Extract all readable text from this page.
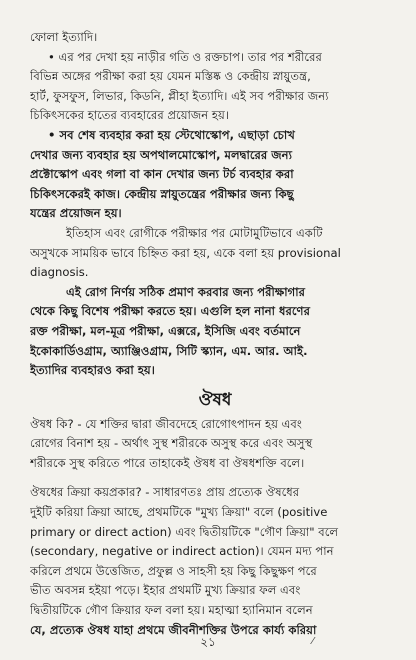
ফোলা ইত্যাদি।
• এর পর দেখা হয় নাড়ীর গতি ও রক্তচাপ। তার পর শরীরের
বিভিন্ন অঙ্গের পরীক্ষা করা হয় যেমন মস্তিষ্ক ও কেন্দ্রীয় স্নায়ুতন্ত্র,
হার্ট, ফুসফুস, লিভার, কিডনি, প্লীহা ইত্যাদি। এই সব পরীক্ষার জন্য
চিকিৎসকের হাতের ব্যবহারের প্রয়োজন হয়।
• সব শেষ ব্যবহার করা হয় স্টেথোস্কোপ, এছাড়া চোখ
দেখার জন্য ব্যবহার হয় অপথালমোস্কোপ, মলদ্বারের জন্য
প্রক্টোস্কোপ এবং গলা বা কান দেখার জন্য টর্চ ব্যবহার করা
চিকিৎসকেরই কাজ। কেন্দ্রীয় স্নায়ুতন্ত্রের পরীক্ষার জন্য কিছু
যন্ত্রের প্রয়োজন হয়।
ইতিহাস এবং রোগীকে পরীক্ষার পর মোটামুটিভাবে একটি
অসুখকে সাময়িক ভাবে চিহ্নিত করা হয়, একে বলা হয় provisional
diagnosis.
এই রোগ নির্ণয় সঠিক প্রমাণ করবার জন্য পরীক্ষাগার
থেকে কিছু বিশেষ পরীক্ষা করতে হয়। এগুলি হল নানা ধরণের
রক্ত পরীক্ষা, মল-মূত্র পরীক্ষা, এক্সরে, ইসিজি এবং বর্তমানে
ইকোকার্ডিওগ্রাম, অ্যাঞ্জিওগ্রাম, সিটি স্ক্যান, এম. আর. আই.
ইত্যাদির ব্যবহারও করা হয়।
ঔষধ
ঔষধ কি? - যে শক্তির দ্বারা জীবদেহে রোগোৎপাদন হয় এবং
রোগের বিনাশ হয় - অর্থাৎ সুস্থ শরীরকে অসুস্থ করে এবং অসুস্থ
শরীরকে সুস্থ করিতে পারে তাহাকেই ঔষধ বা ঔষধশক্তি বলে।
ঔষধের ক্রিয়া কয়প্রকার? - সাধারণতঃ প্রায় প্রত্যেক ঔষধের
দুইটি করিয়া ক্রিয়া আছে, প্রথমটিকে "মুখ্য ক্রিয়া" বলে (positive
primary or direct action) এবং দ্বিতীয়টিকে "গৌণ ক্রিয়া" বলে
(secondary, negative or indirect action)। যেমন মদ্য পান
করিলে প্রথমে উত্তেজিত, প্রফুল্ল ও সাহসী হয় কিছু কিছুক্ষণ পরে
ভীত অবসন্ন হইয়া পড়ে। ইহার প্রথমটি মুখ্য ক্রিয়ার ফল এবং
দ্বিতীয়টিকে গৌণ ক্রিয়ার ফল বলা হয়। মহাত্মা হ্যানিমান বলেন
যে, প্রত্যেক ঔষধ যাহা প্রথমে জীবনীশক্তির উপরে কার্য্য করিয়া
২১	⁄
